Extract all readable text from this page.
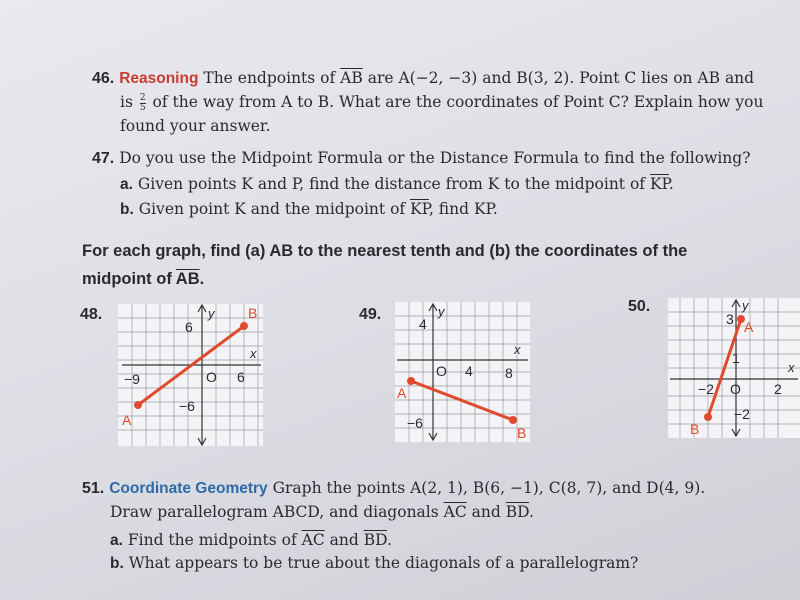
46. Reasoning The endpoints of $\overline{AB}$ are A(−2, −3) and B(3, 2). Point C lies on AB and
is $\frac{2}{5}$ of the way from A to B. What are the coordinates of Point C? Explain how you
found your answer.
47. Do you use the Midpoint Formula or the Distance Formula to find the following?
a. Given points K and P, find the distance from K to the midpoint of $\overline{KP}$.
b. Given point K and the midpoint of $\overline{KP}$, find KP.
For each graph, find (a) AB to the nearest tenth and (b) the coordinates of the
midpoint of $\overline{AB}$.
48.	y
x
6
−6
−9	6
O
A
B	49.	y
x
4
−6
4 8
O
A
B
50.	y
x
3
1
−2
−2	2
O
A
B
51. Coordinate Geometry Graph the points A(2, 1), B(6, −1), C(8, 7), and D(4, 9).
Draw parallelogram ABCD, and diagonals $\overline{AC}$ and $\overline{BD}$.
a. Find the midpoints of $\overline{AC}$ and $\overline{BD}$.
b. What appears to be true about the diagonals of a parallelogram?
